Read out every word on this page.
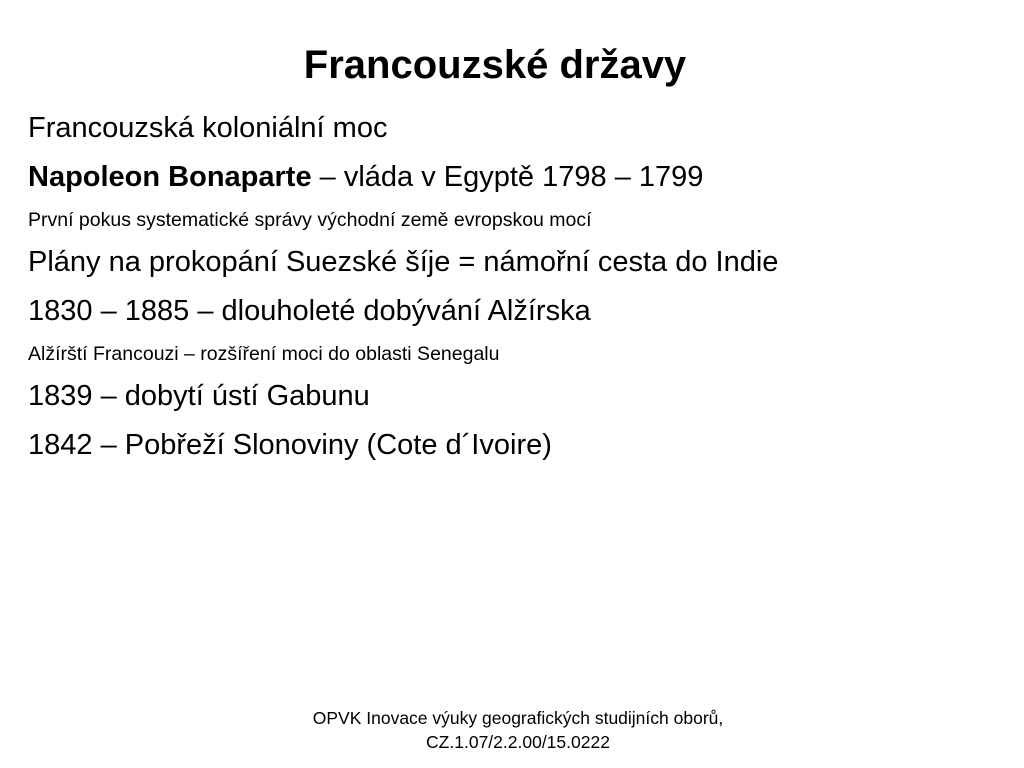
Francouzské državy
Francouzská koloniální moc
Napoleon Bonaparte – vláda v Egyptě 1798 – 1799
První pokus systematické správy východní země evropskou mocí
Plány na prokopání Suezské šíje = námořní cesta do Indie
1830 – 1885 – dlouholeté dobývání Alžírska
Alžírští Francouzi – rozšíření moci do oblasti Senegalu
1839 – dobytí ústí Gabunu
1842 – Pobřeží Slonoviny (Cote d´Ivoire)
OPVK Inovace výuky geografických studijních oborů,
CZ.1.07/2.2.00/15.0222
